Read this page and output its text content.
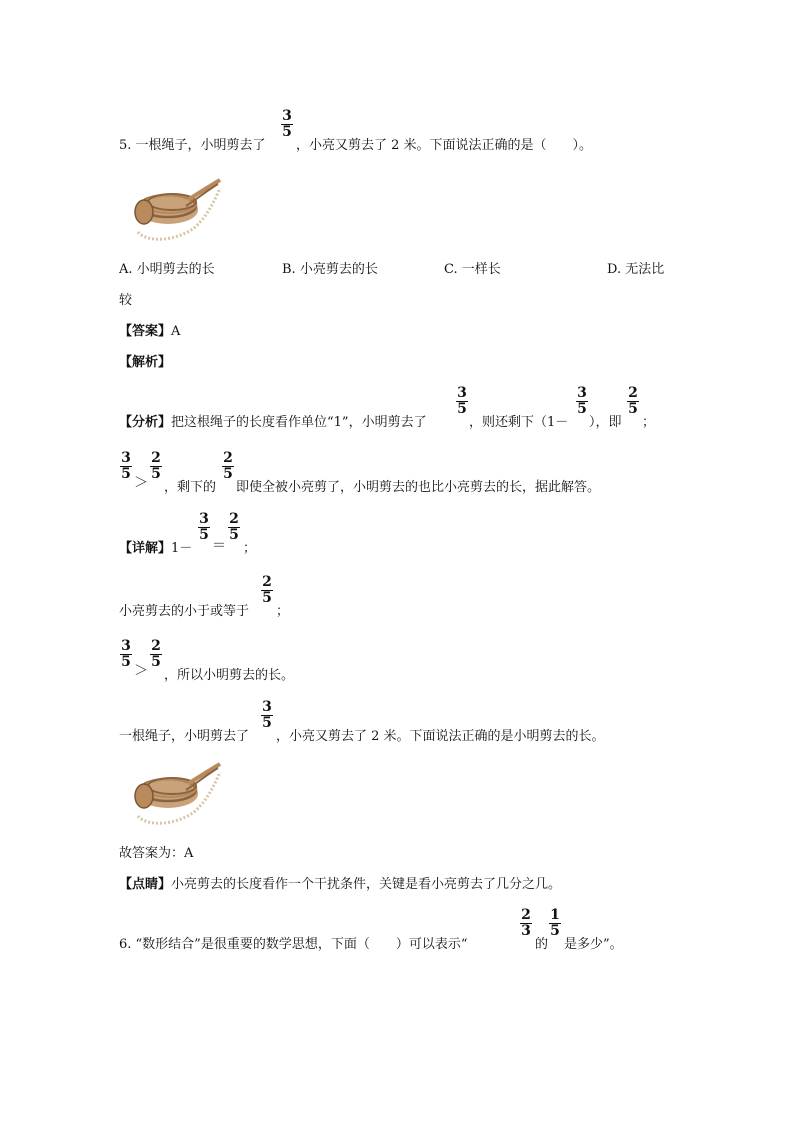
5. 一根绳子，小明剪去了
$\frac{3}{5}$
，小亮又剪去了 2 米。下面说法正确的是（　　）。
A. 小明剪去的长	B. 小亮剪去的长	C. 一样长	D. 无法比
较
【答案】A
【解析】
【分析】把这根绳子的长度看作单位“1”，小明剪去了
$\frac{3}{5}$
，则还剩下（1－
$\frac{3}{5}$
），即
$\frac{2}{5}$
；
$\frac{3}{5}$
＞
$\frac{2}{5}$
，剩下的
$\frac{2}{5}$
即使全被小亮剪了，小明剪去的也比小亮剪去的长，据此解答。
【详解】1－
$\frac{3}{5}$
＝
$\frac{2}{5}$
；
小亮剪去的小于或等于
$\frac{2}{5}$
；
$\frac{3}{5}$
＞
$\frac{2}{5}$
，所以小明剪去的长。
一根绳子，小明剪去了
$\frac{3}{5}$
，小亮又剪去了 2 米。下面说法正确的是小明剪去的长。
故答案为：A
【点睛】小亮剪去的长度看作一个干扰条件，关键是看小亮剪去了几分之几。
6. “数形结合”是很重要的数学思想，下面（　　）可以表示“
$\frac{2}{3}$
的
$\frac{1}{5}$
是多少”。
